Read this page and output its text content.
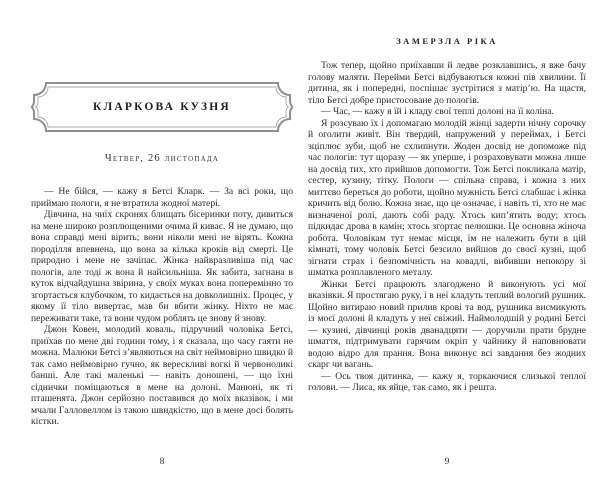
КЛАРКОВА КУЗНЯ
Четвер, 26 листопада

— Не бійся, — кажу я Бетсі Кларк. — За всі роки, що приймаю пологи, я не втратила жодної матері.

Дівчина, на чиїх скронях блищать бісеринки поту, дивиться на мене широко розплющеними очима й киває. Я не думаю, що вона справді мені вірить; вони ніколи мені не вірять. Кожна породілля впевнена, що вона за кілька кроків від смерті. Це природно і мене не зачіпає. Жінка найвразливіша під час пологів, але тоді ж вона й найсильніша. Як забита, загнана в куток відчайдушна звірина, у своїх муках вона поперемінно то згортається клубочком, то кидається на довколишніх. Процес, у якому її тіло вивертає, мав би вбити жінку. Ніхто не має переживати таке, та вони чудом роблять це знову й знову.

Джон Ковен, молодий коваль, підручний чоловіка Бетсі, приїхав по мене дві години тому, і я сказала, що часу гаяти не можна. Малюки Бетсі з’являються на світ неймовірно швидко й так само неймовірно гучно, як верескливі вогкі й червоноликі банші. Але такі маленькі — навіть доношені, — що їхні сіднички поміщаються в мене на долоні. Манюні, як ті пташенята. Джон серйозно поставився до моїх вказівок, і ми мчали Галловеллом із такою швидкістю, що в мене досі болять кістки.

8
ЗАМЕРЗЛА РІКА

Тож тепер, щойно приїхавши й ледве розклавшись, я вже бачу голову маляти. Перейми Бетсі відбуваються кожні пів хвилини. Її дитина, як і попередні, поспішає зустрітися з матір’ю. На щастя, тіло Бетсі добре пристосоване до пологів.

— Час, — кажу я їй і кладу свої теплі долоні на її коліна.

Я розсуваю їх і допомагаю молодій жінці задерти нічну сорочку й оголити живіт. Він твердий, напружений у переймах, і Бетсі зціплює зуби, щоб не схлипнути. Жоден досвід не допоможе під час пологів: тут щоразу — як уперше, і розраховувати можна лише на досвід тих, хто прийшов допомогти. Тож Бетсі покликала матір, сестер, кузину, тітку. Пологи — спільна справа, і кожна з них миттєво береться до роботи, щойно мужність Бетсі слабшає і жінка кричить від болю. Кожна знає, що це означає, і навіть ті, хто не має визначеної ролі, дають собі раду. Хтось кип’ятить воду; хтось підкидає дрова в камін; хтось згортає пелюшки. Це основна жіноча робота. Чоловікам тут немає місця, їм не належить бути в цій кімнаті, тому чоловік Бетсі безсило вийшов до своєї кузні, щоб зігнати страх і безпомічність на ковадлі, вибивши непокору зі шматка розплавленого металу.

Жінки Бетсі працюють злагоджено й виконують усі мої вказівки. Я простягаю руку, і в неї кладуть теплий вологий рушник. Щойно витираю новий прилив крові та вод, рушника висмикують із моєї долоні й кладуть у неї свіжий. Наймолодшій у родині Бетсі — кузині, дівчинці років дванадцяти — доручили прати брудне шмаття, підтримувати гарячим окріп у чайнику й наповнювати водою відро для прання. Вона виконує всі завдання без жодних скарг чи вагань.

— Ось твоя дитинка, — кажу я, торкаючися слизької теплої голови. — Лиса, як яйце, так само, як і решта.

9
